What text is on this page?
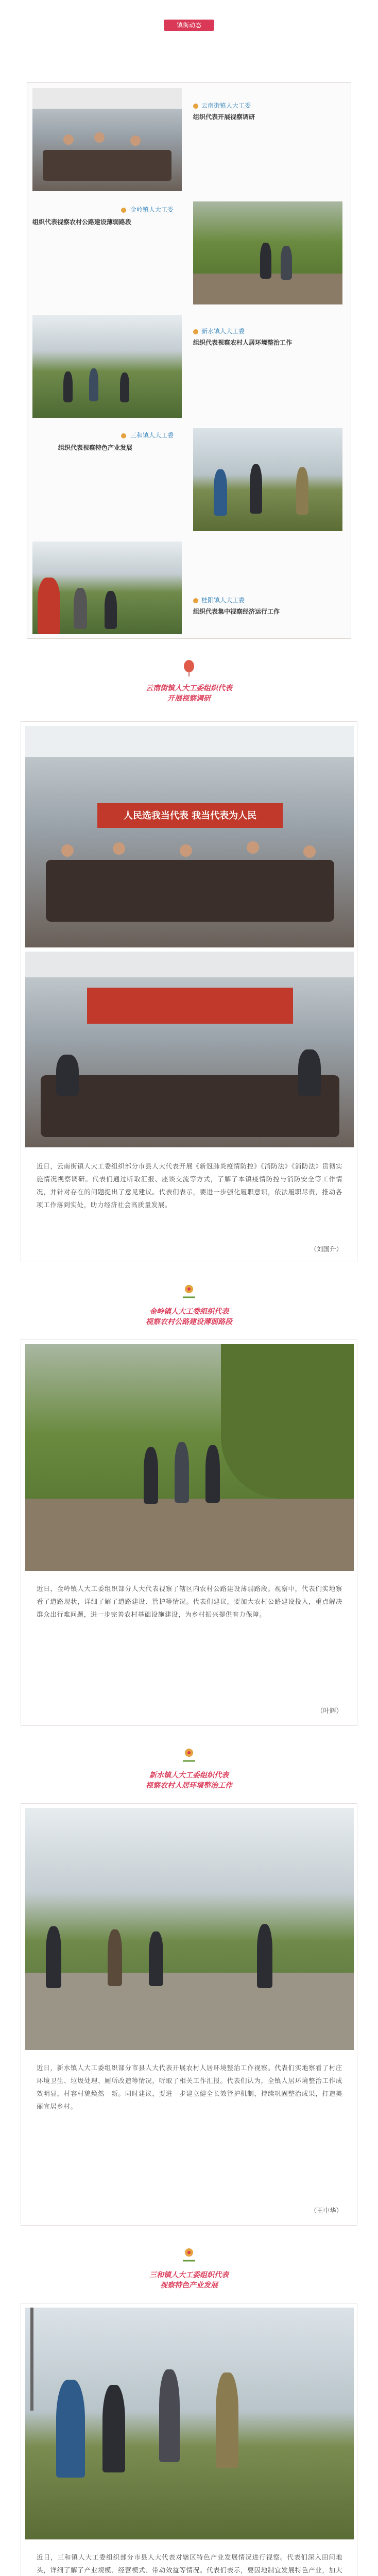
镇街动态
云南街镇人大工委
组织代表开展视察调研
金岭镇人大工委
组织代表视察农村公路建设薄弱路段
新水镇人大工委
组织代表视察农村人居环境整治工作
三和镇人大工委
组织代表视察特色产业发展
桂阳镇人大工委
组织代表集中视察经济运行工作
云南街镇人大工委组织代表
开展视察调研
人民选我当代表 我当代表为人民
近日，云南街镇人大工委组织部分市县人大代表开展《新冠肺炎疫情防控》《消防法》《消防法》贯彻实施情况视察调研。代表们通过听取汇报、座谈交流等方式，了解了本镇疫情防控与消防安全等工作情况，并针对存在的问题提出了意见建议。代表们表示，要进一步强化履职意识，依法履职尽责，推动各项工作落到实处，助力经济社会高质量发展。
（刘国升）
金岭镇人大工委组织代表
视察农村公路建设薄弱路段
近日，金岭镇人大工委组织部分人大代表视察了辖区内农村公路建设薄弱路段。视察中，代表们实地察看了道路现状，详细了解了道路建设、管护等情况。代表们建议，要加大农村公路建设投入，重点解决群众出行难问题，进一步完善农村基础设施建设，为乡村振兴提供有力保障。
（叶辉）
新水镇人大工委组织代表
视察农村人居环境整治工作
近日，新水镇人大工委组织部分市县人大代表开展农村人居环境整治工作视察。代表们实地察看了村庄环境卫生、垃圾处理、厕所改造等情况，听取了相关工作汇报。代表们认为，全镇人居环境整治工作成效明显，村容村貌焕然一新。同时建议，要进一步建立健全长效管护机制，持续巩固整治成果，打造美丽宜居乡村。
（王中华）
三和镇人大工委组织代表
视察特色产业发展
近日，三和镇人大工委组织部分市县人大代表对辖区特色产业发展情况进行视察。代表们深入田间地头，详细了解了产业规模、经营模式、带动效益等情况。代表们表示，要因地制宜发展特色产业，加大
